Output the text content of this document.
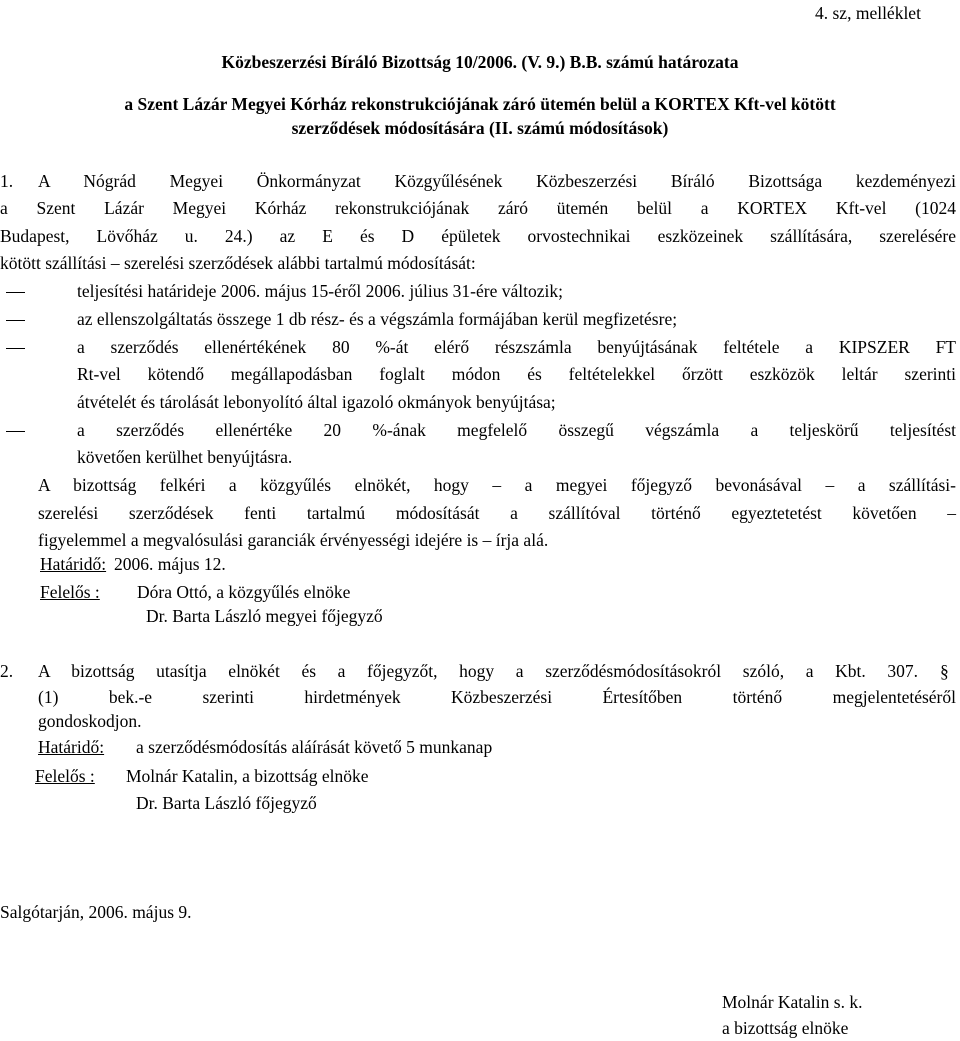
4. sz, melléklet
Közbeszerzési Bíráló Bizottság 10/2006. (V. 9.) B.B. számú határozata
a Szent Lázár Megyei Kórház rekonstrukciójának záró ütemén belül a KORTEX Kft-vel kötött
szerződések módosítására (II. számú módosítások)
1. A Nógrád Megyei Önkormányzat Közgyűlésének Közbeszerzési Bíráló Bizottsága kezdeményezi
a Szent Lázár Megyei Kórház rekonstrukciójának záró ütemén belül a KORTEX Kft-vel (1024
Budapest, Lövőház u. 24.) az E és D épületek orvostechnikai eszközeinek szállítására, szerelésére
kötött szállítási – szerelési szerződések alábbi tartalmú módosítását:
teljesítési határideje 2006. május 15-éről 2006. július 31-ére változik;
az ellenszolgáltatás összege 1 db rész- és a végszámla formájában kerül megfizetésre;
a szerződés ellenértékének 80 %-át elérő részszámla benyújtásának feltétele a KIPSZER FT
Rt-vel kötendő megállapodásban foglalt módon és feltételekkel őrzött eszközök leltár szerinti
átvételét és tárolását lebonyolító által igazoló okmányok benyújtása;
a szerződés ellenértéke 20 %-ának megfelelő összegű végszámla a teljeskörű teljesítést
követően kerülhet benyújtásra.
A bizottság felkéri a közgyűlés elnökét, hogy – a megyei főjegyző bevonásával – a szállítási-
szerelési szerződések fenti tartalmú módosítását a szállítóval történő egyeztetetést követően –
figyelemmel a megvalósulási garanciák érvényességi idejére is – írja alá.
Határidő: 2006. május 12.
Felelős : Dóra Ottó, a közgyűlés elnöke
Dr. Barta László megyei főjegyző
2. A bizottság utasítja elnökét és a főjegyzőt, hogy a szerződésmódosításokról szóló, a Kbt. 307. §
(1) bek.-e szerinti hirdetmények Közbeszerzési Értesítőben történő megjelentetéséről
gondoskodjon.
Határidő: a szerződésmódosítás aláírását követő 5 munkanap
Felelős : Molnár Katalin, a bizottság elnöke
Dr. Barta László főjegyző
Salgótarján, 2006. május 9.
Molnár Katalin s. k.
a bizottság elnöke
